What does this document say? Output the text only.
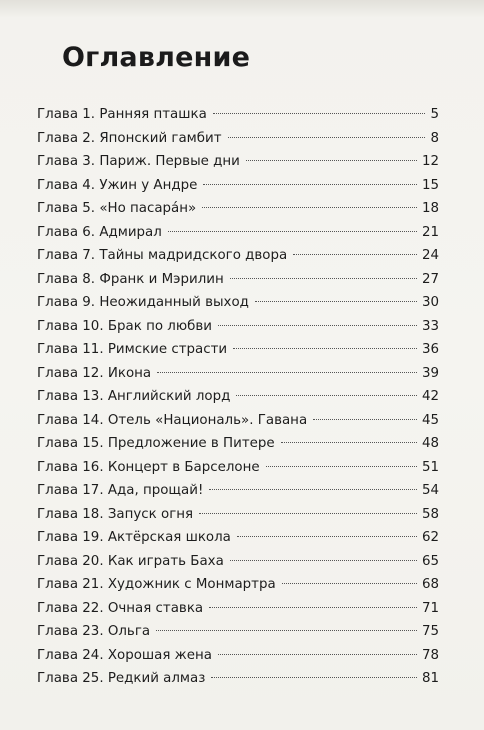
Оглавление
Глава 1. Ранняя пташка	5
Глава 2. Японский гамбит	8
Глава 3. Париж. Первые дни	12
Глава 4. Ужин у Андре	15
Глава 5. «Но пасара́н»	18
Глава 6. Адмирал	21
Глава 7. Тайны мадридского двора	24
Глава 8. Франк и Мэрилин	27
Глава 9. Неожиданный выход	30
Глава 10. Брак по любви	33
Глава 11. Римские страсти	36
Глава 12. Икона	39
Глава 13. Английский лорд	42
Глава 14. Отель «Националь». Гавана	45
Глава 15. Предложение в Питере	48
Глава 16. Концерт в Барселоне	51
Глава 17. Ада, прощай!	54
Глава 18. Запуск огня	58
Глава 19. Актёрская школа	62
Глава 20. Как играть Баха	65
Глава 21. Художник с Монмартра	68
Глава 22. Очная ставка	71
Глава 23. Ольга	75
Глава 24. Хорошая жена	78
Глава 25. Редкий алмаз	81
